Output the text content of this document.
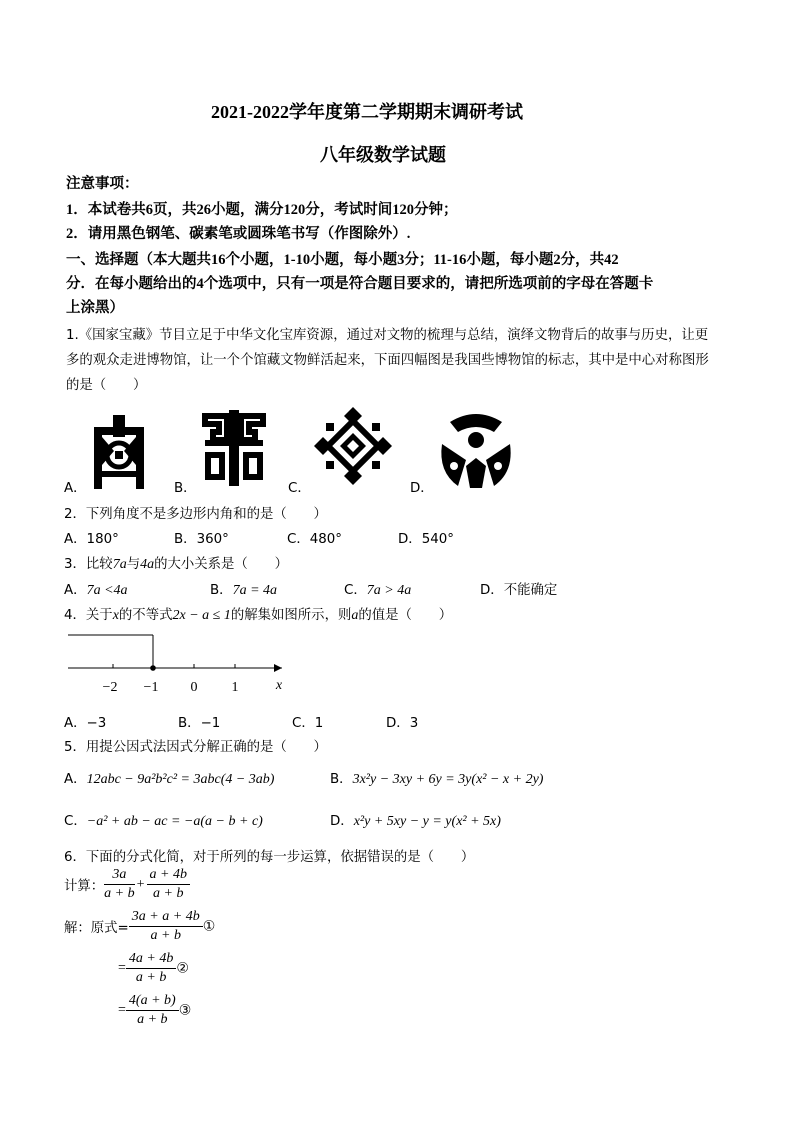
2021-2022学年度第二学期期末调研考试
八年级数学试题
注意事项：
1．本试卷共6页，共26小题，满分120分，考试时间120分钟；
2．请用黑色钢笔、碳素笔或圆珠笔书写（作图除外）.
一、选择题（本大题共16个小题，1-10小题，每小题3分；11-16小题，每小题2分，共42
分．在每小题给出的4个选项中，只有一项是符合题目要求的，请把所选项前的字母在答题卡
上涂黑）
1.《国家宝藏》节目立足于中华文化宝库资源，通过对文物的梳理与总结，演绎文物背后的故事与历史，让更
多的观众走进博物馆，让一个个馆藏文物鲜活起来，下面四幅图是我国些博物馆的标志，其中是中心对称图形
的是（　　）
A．	B．	C．	D．
2．下列角度不是多边形内角和的是（　　）
A．180°	B．360°	C．480°	D．540°
3．比较7a与4a的大小关系是（　　）
A．7a <4a	B．7a = 4a	C．7a > 4a	D．不能确定
4．关于x的不等式2x − a ≤ 1的解集如图所示，则a的值是（　　）
−2 −1 0 1	x
A．−3	B．−1	C．1	D．3
5．用提公因式法因式分解正确的是（　　）
A．12abc − 9a²b²c² = 3abc(4 − 3ab)	B．3x²y − 3xy + 6y = 3y(x² − x + 2y)
C．−a² + ab − ac = −a(a − b + c)	D．x²y + 5xy − y = y(x² + 5x)
6．下面的分式化简，对于所列的每一步运算，依据错误的是（　　）
计算： $\frac{3a}{a + b} + \frac{a + 4b}{a + b}$
解：原式= $\frac{3a + a + 4b}{a + b}$ ①
= $\frac{4a + 4b}{a + b}$ ②
= $\frac{4(a + b)}{a + b}$ ③
